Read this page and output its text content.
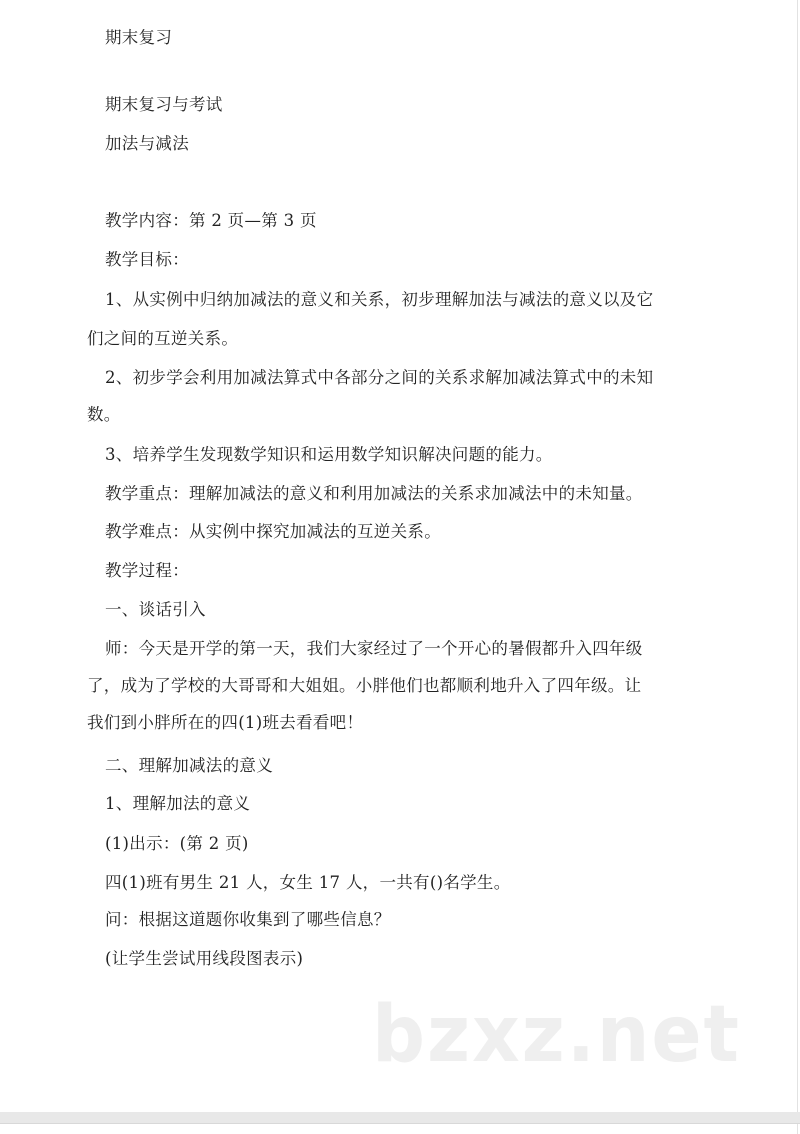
期末复习
期末复习与考试
加法与减法
教学内容：第 2 页—第 3 页
教学目标：
1、从实例中归纳加减法的意义和关系，初步理解加法与减法的意义以及它
们之间的互逆关系。
2、初步学会利用加减法算式中各部分之间的关系求解加减法算式中的未知
数。
3、培养学生发现数学知识和运用数学知识解决问题的能力。
教学重点：理解加减法的意义和利用加减法的关系求加减法中的未知量。
教学难点：从实例中探究加减法的互逆关系。
教学过程：
一、谈话引入
师：今天是开学的第一天，我们大家经过了一个开心的暑假都升入四年级
了，成为了学校的大哥哥和大姐姐。小胖他们也都顺利地升入了四年级。让
我们到小胖所在的四(1)班去看看吧！
二、理解加减法的意义
1、理解加法的意义
(1)出示：(第 2 页)
四(1)班有男生 21 人，女生 17 人，一共有()名学生。
问：根据这道题你收集到了哪些信息？
(让学生尝试用线段图表示)
bzxz.net
